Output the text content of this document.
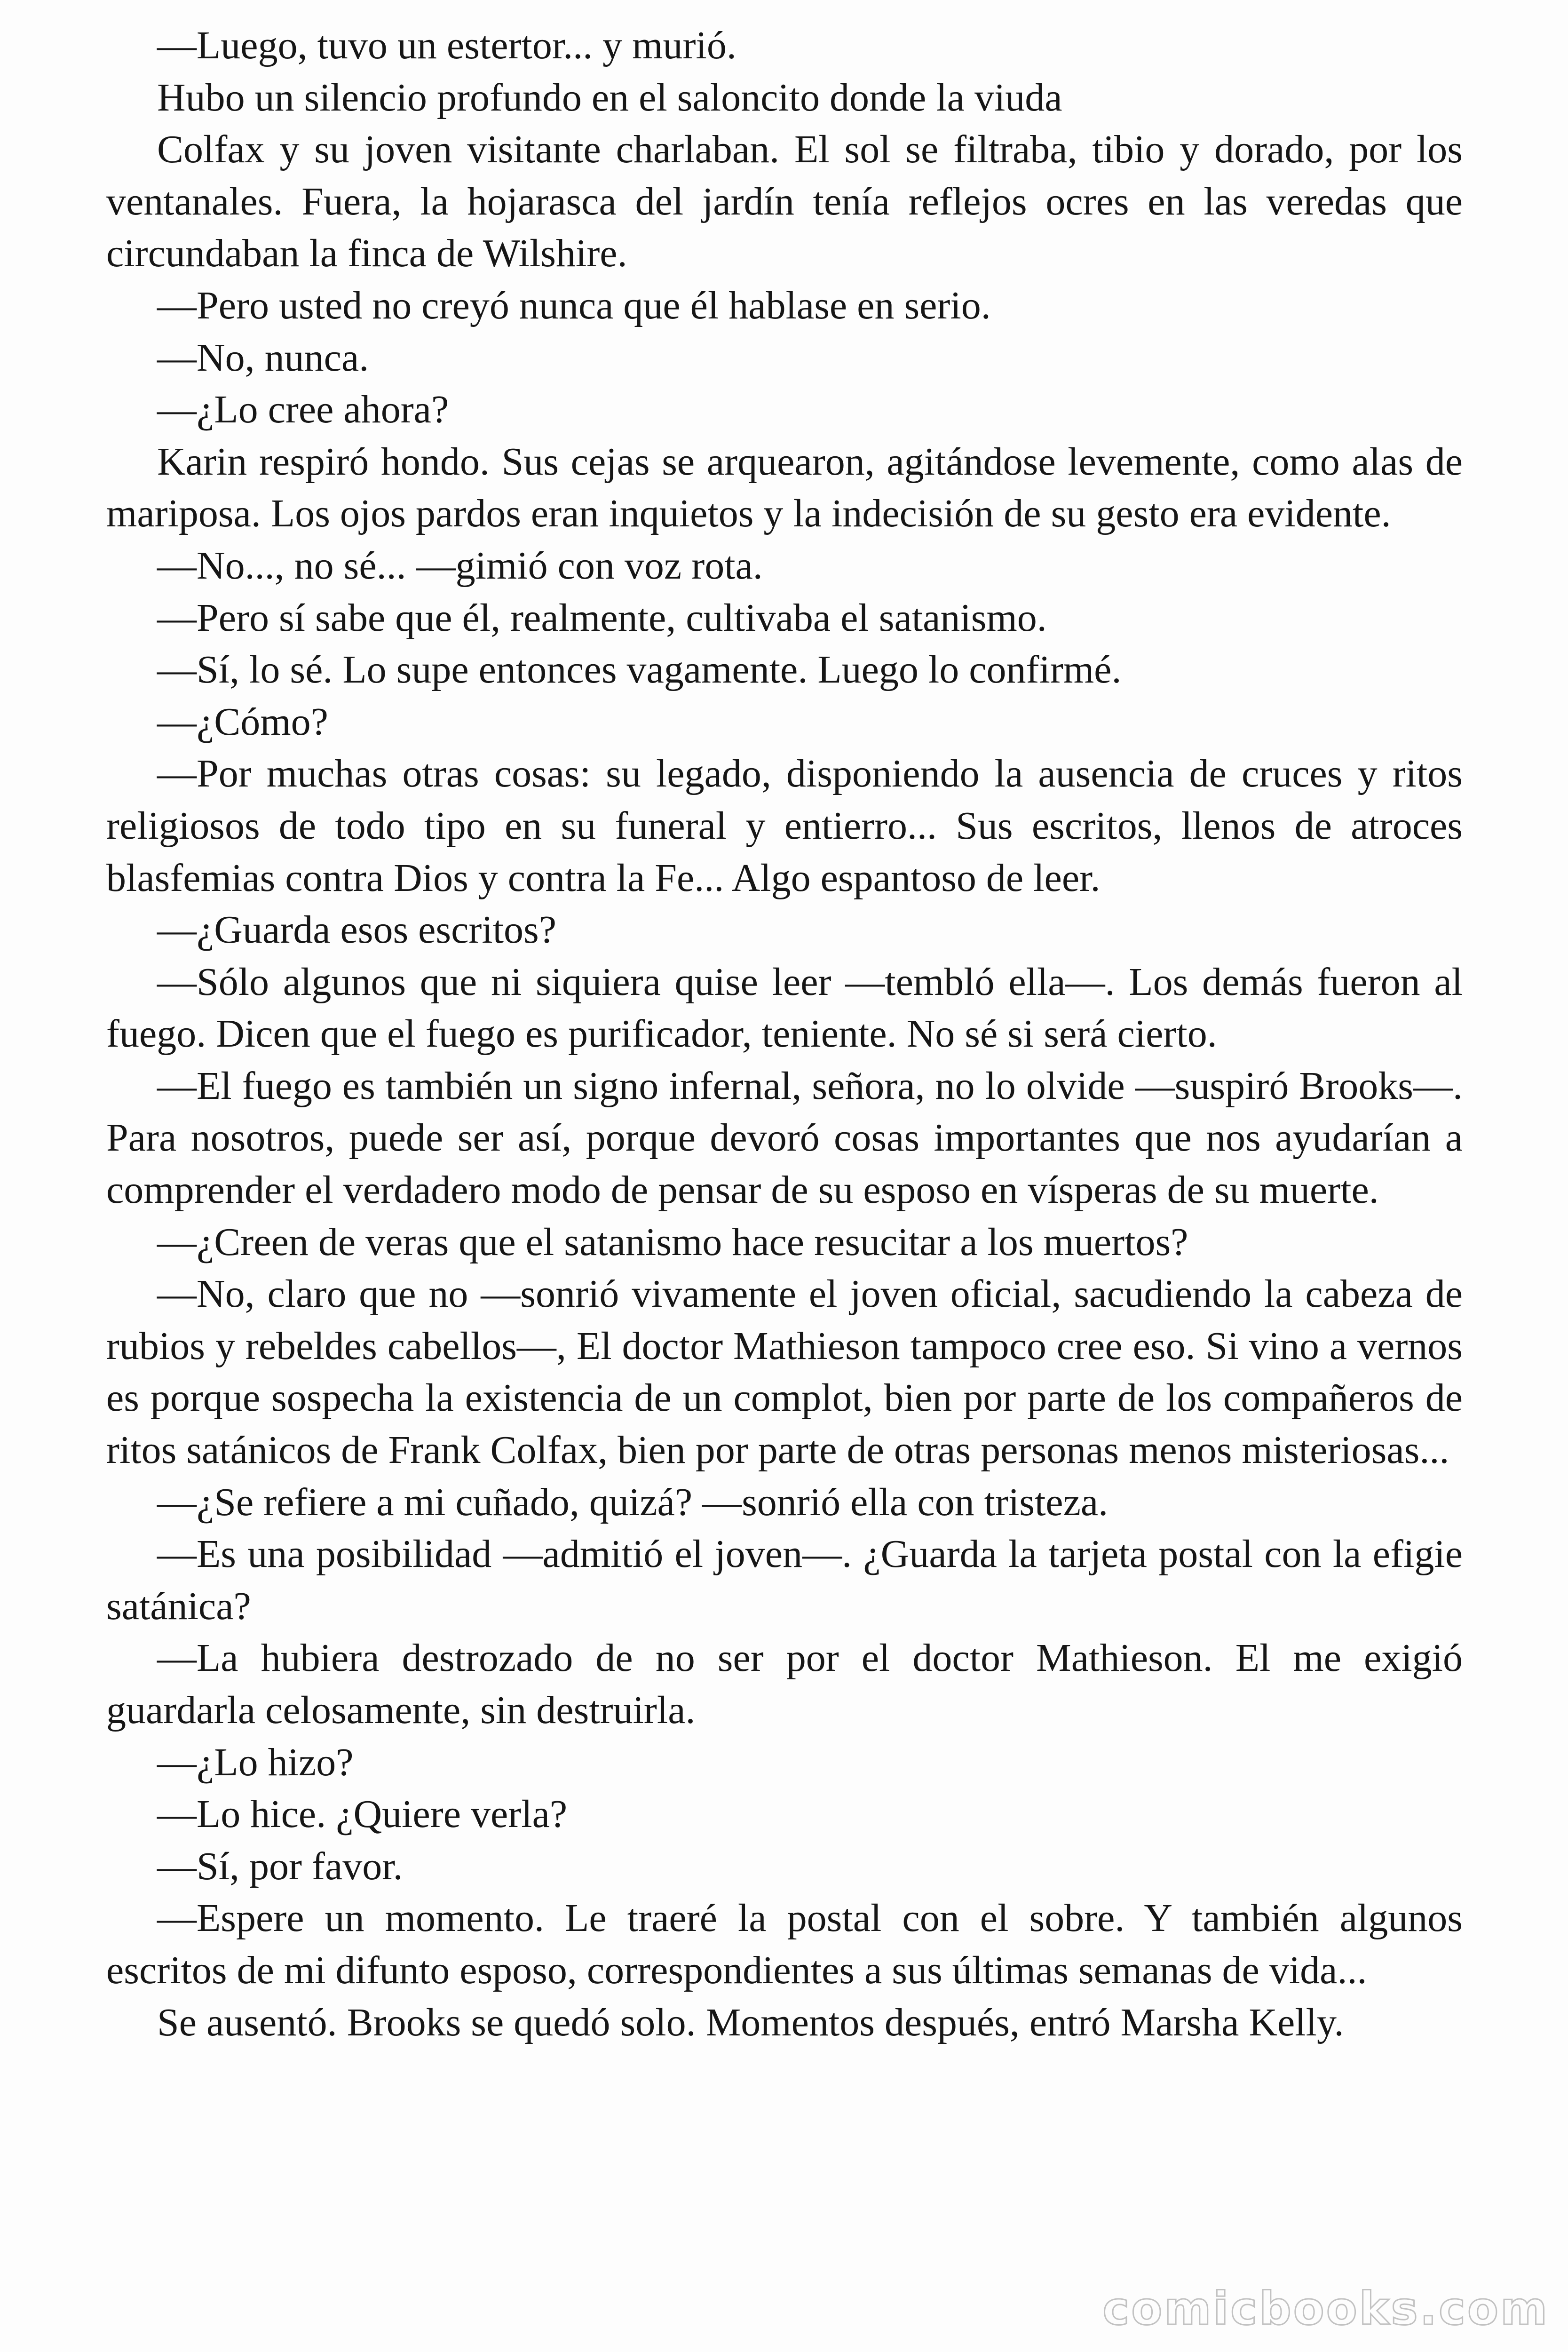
—Luego, tuvo un estertor... y murió.

Hubo un silencio profundo en el saloncito donde la viuda

Colfax y su joven visitante charlaban. El sol se filtraba, tibio y dorado, por los ventanales. Fuera, la hojarasca del jardín tenía reflejos ocres en las veredas que circundaban la finca de Wilshire.

—Pero usted no creyó nunca que él hablase en serio.

—No, nunca.

—¿Lo cree ahora?

Karin respiró hondo. Sus cejas se arquearon, agitándose levemente, como alas de mariposa. Los ojos pardos eran inquietos y la indecisión de su gesto era evidente.

—No..., no sé... —gimió con voz rota.

—Pero sí sabe que él, realmente, cultivaba el satanismo.

—Sí, lo sé. Lo supe entonces vagamente. Luego lo confirmé.

—¿Cómo?

—Por muchas otras cosas: su legado, disponiendo la ausencia de cruces y ritos religiosos de todo tipo en su funeral y entierro... Sus escritos, llenos de atroces blasfemias contra Dios y contra la Fe... Algo espantoso de leer.

—¿Guarda esos escritos?

—Sólo algunos que ni siquiera quise leer —tembló ella—. Los demás fueron al fuego. Dicen que el fuego es purificador, teniente. No sé si será cierto.

—El fuego es también un signo infernal, señora, no lo olvide —suspiró Brooks—. Para nosotros, puede ser así, porque devoró cosas importantes que nos ayudarían a comprender el verdadero modo de pensar de su esposo en vísperas de su muerte.

—¿Creen de veras que el satanismo hace resucitar a los muertos?

—No, claro que no —sonrió vivamente el joven oficial, sacudiendo la cabeza de rubios y rebeldes cabellos—, El doctor Mathieson tampoco cree eso. Si vino a vernos es porque sospecha la existencia de un complot, bien por parte de los compañeros de ritos satánicos de Frank Colfax, bien por parte de otras personas menos misteriosas...

—¿Se refiere a mi cuñado, quizá? —sonrió ella con tristeza.

—Es una posibilidad —admitió el joven—. ¿Guarda la tarjeta postal con la efigie satánica?

—La hubiera destrozado de no ser por el doctor Mathieson. El me exigió guardarla celosamente, sin destruirla.

—¿Lo hizo?

—Lo hice. ¿Quiere verla?

—Sí, por favor.

—Espere un momento. Le traeré la postal con el sobre. Y también algunos escritos de mi difunto esposo, correspondientes a sus últimas semanas de vida...

Se ausentó. Brooks se quedó solo. Momentos después, entró Marsha Kelly.

comicbooks.com
